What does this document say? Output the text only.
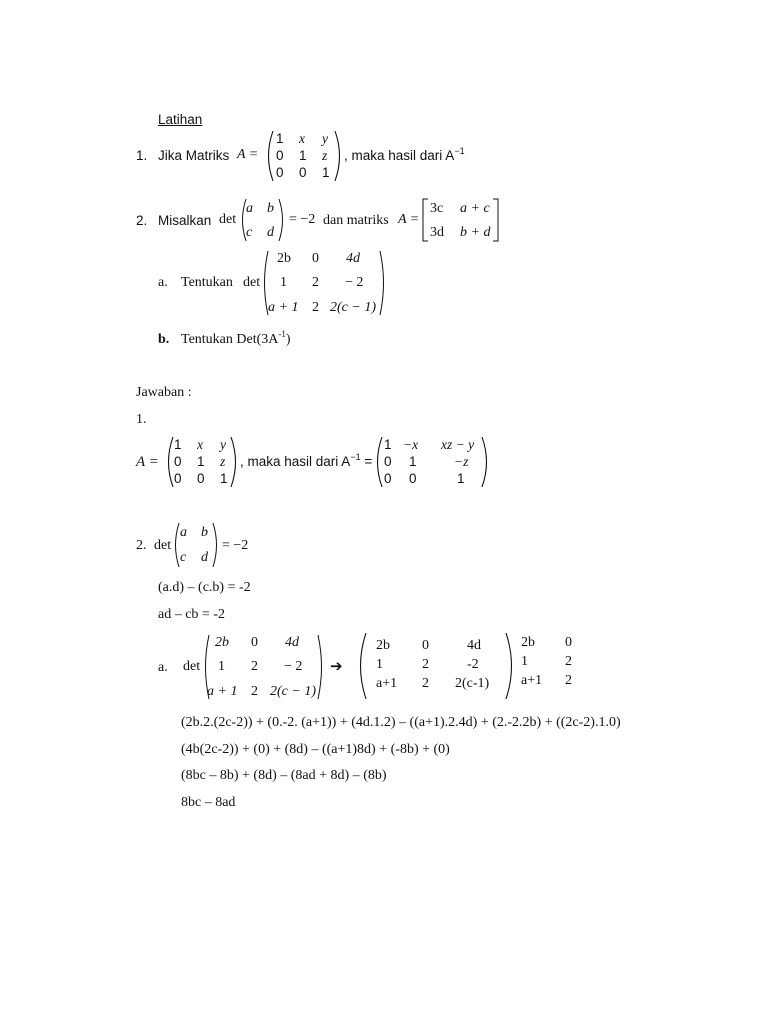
Latihan
1. Jika Matriks A =
1 x y
0 1 z
0 0 1
, maka hasil dari $A^{-1}$
2. Misalkan det
a b
c d
= −2 dan matriks A =
3c a + c
3d b + d
a. Tentukan det
2b 0 4d
1 2 − 2
a + 1 2 2(c − 1)
b. Tentukan $Det(3A^{-1})$
Jawaban :
1.
A =
1 x y
0 1 z
0 0 1
, maka hasil dari $A^{-1}$ =
1 −x xz − y
0 1	−z
0 0	1
2. det
a b
c d
= −2
(a.d) – (c.b) = -2
ad – cb = -2
a. det
2b 0 4d
1 2 − 2
a + 1 2 2(c − 1)
➔
2b 0	4d
1	2	-2
a+1 2 2(c-1)
2b 0
1	2
a+1 2
(2b.2.(2c-2)) + (0.-2. (a+1)) + (4d.1.2) – ((a+1).2.4d) + (2.-2.2b) + ((2c-2).1.0)
(4b(2c-2)) + (0) + (8d) – ((a+1)8d) + (-8b) + (0)
(8bc – 8b) + (8d) – (8ad + 8d) – (8b)
8bc – 8ad
